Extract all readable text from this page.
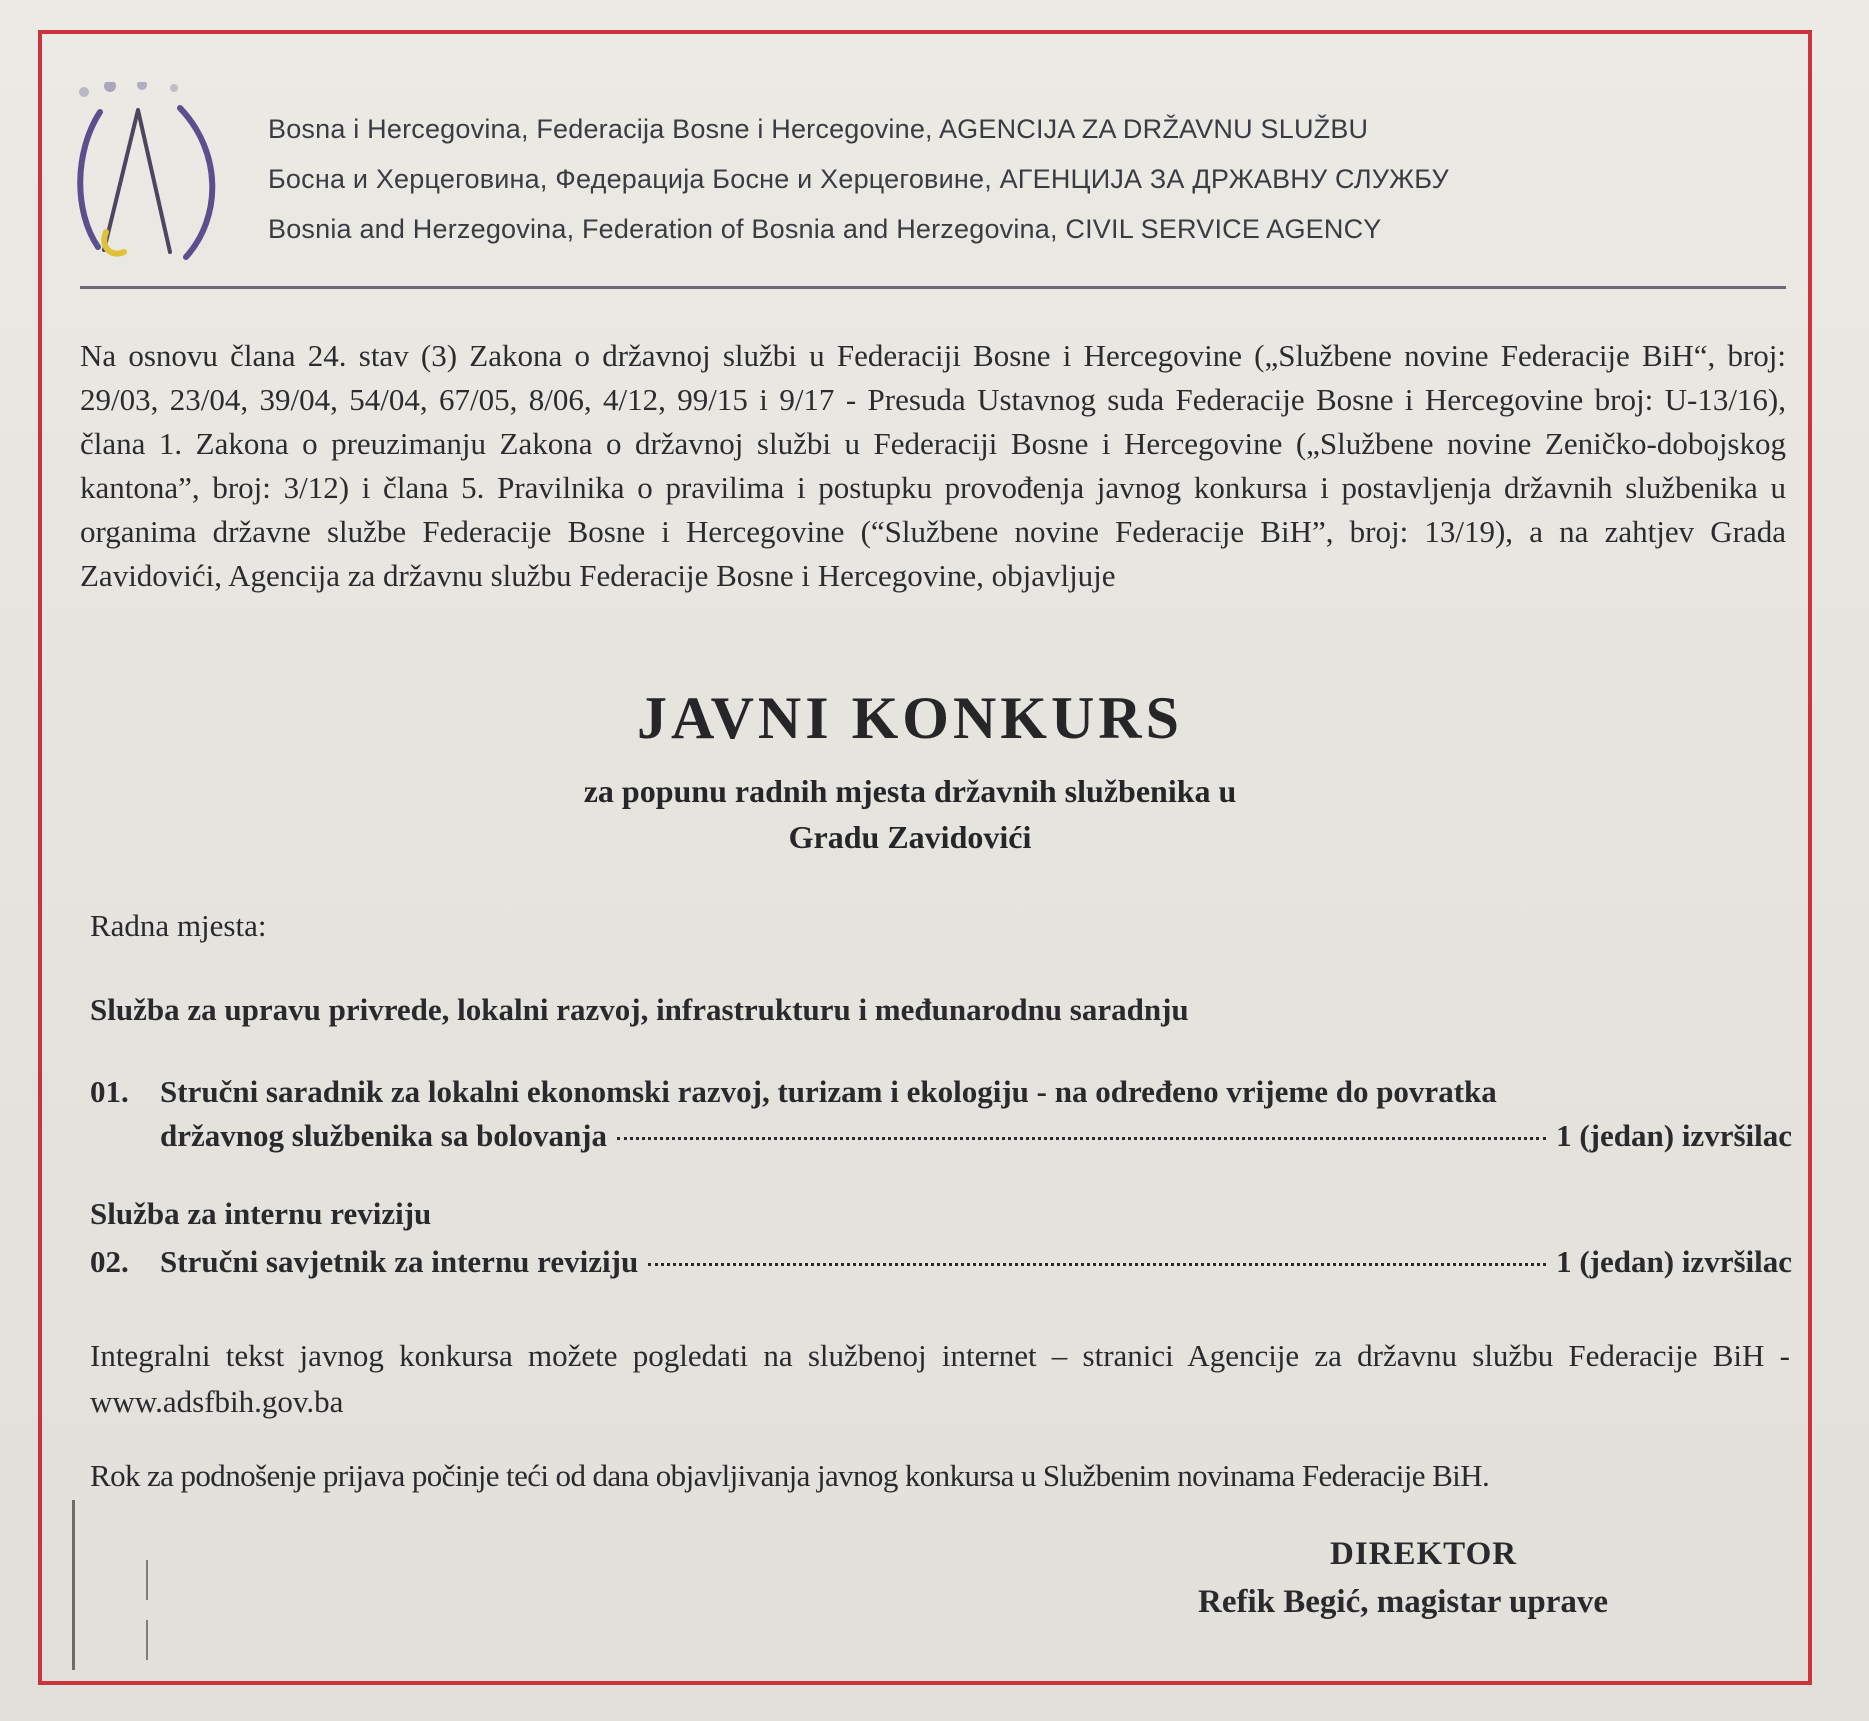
Bosna i Hercegovina, Federacija Bosne i Hercegovine, AGENCIJA ZA DRŽAVNU SLUŽBU
Босна и Херцеговина, Федерација Босне и Херцеговине, АГЕНЦИЈА ЗА ДРЖАВНУ СЛУЖБУ
Bosnia and Herzegovina, Federation of Bosnia and Herzegovina, CIVIL SERVICE AGENCY
Na osnovu člana 24. stav (3) Zakona o državnoj službi u Federaciji Bosne i Hercegovine („Službene novine Federacije BiH“, broj: 29/03, 23/04, 39/04, 54/04, 67/05, 8/06, 4/12, 99/15 i 9/17 - Presuda Ustavnog suda Federacije Bosne i Hercegovine broj: U-13/16), člana 1. Zakona o preuzimanju Zakona o državnoj službi u Federaciji Bosne i Hercegovine („Službene novine Zeničko-dobojskog kantona”, broj: 3/12) i člana 5. Pravilnika o pravilima i postupku provođenja javnog konkursa i postavljenja državnih službenika u organima državne službe Federacije Bosne i Hercegovine (“Službene novine Federacije BiH”, broj: 13/19), a na zahtjev Grada Zavidovići, Agencija za državnu službu Federacije Bosne i Hercegovine, objavljuje
JAVNI KONKURS
za popunu radnih mjesta državnih službenika u
Gradu Zavidovići
Radna mjesta:
Služba za upravu privrede, lokalni razvoj, infrastrukturu i međunarodnu saradnju
01. Stručni saradnik za lokalni ekonomski razvoj, turizam i ekologiju - na određeno vrijeme do povratka
državnog službenika sa bolovanja	1 (jedan) izvršilac
Služba za internu reviziju
02. Stručni savjetnik za internu reviziju	1 (jedan) izvršilac
Integralni tekst javnog konkursa možete pogledati na službenoj internet – stranici Agencije za državnu službu Federacije BiH - www.adsfbih.gov.ba
Rok za podnošenje prijava počinje teći od dana objavljivanja javnog konkursa u Službenim novinama Federacije BiH.
DIREKTOR
Refik Begić, magistar uprave
